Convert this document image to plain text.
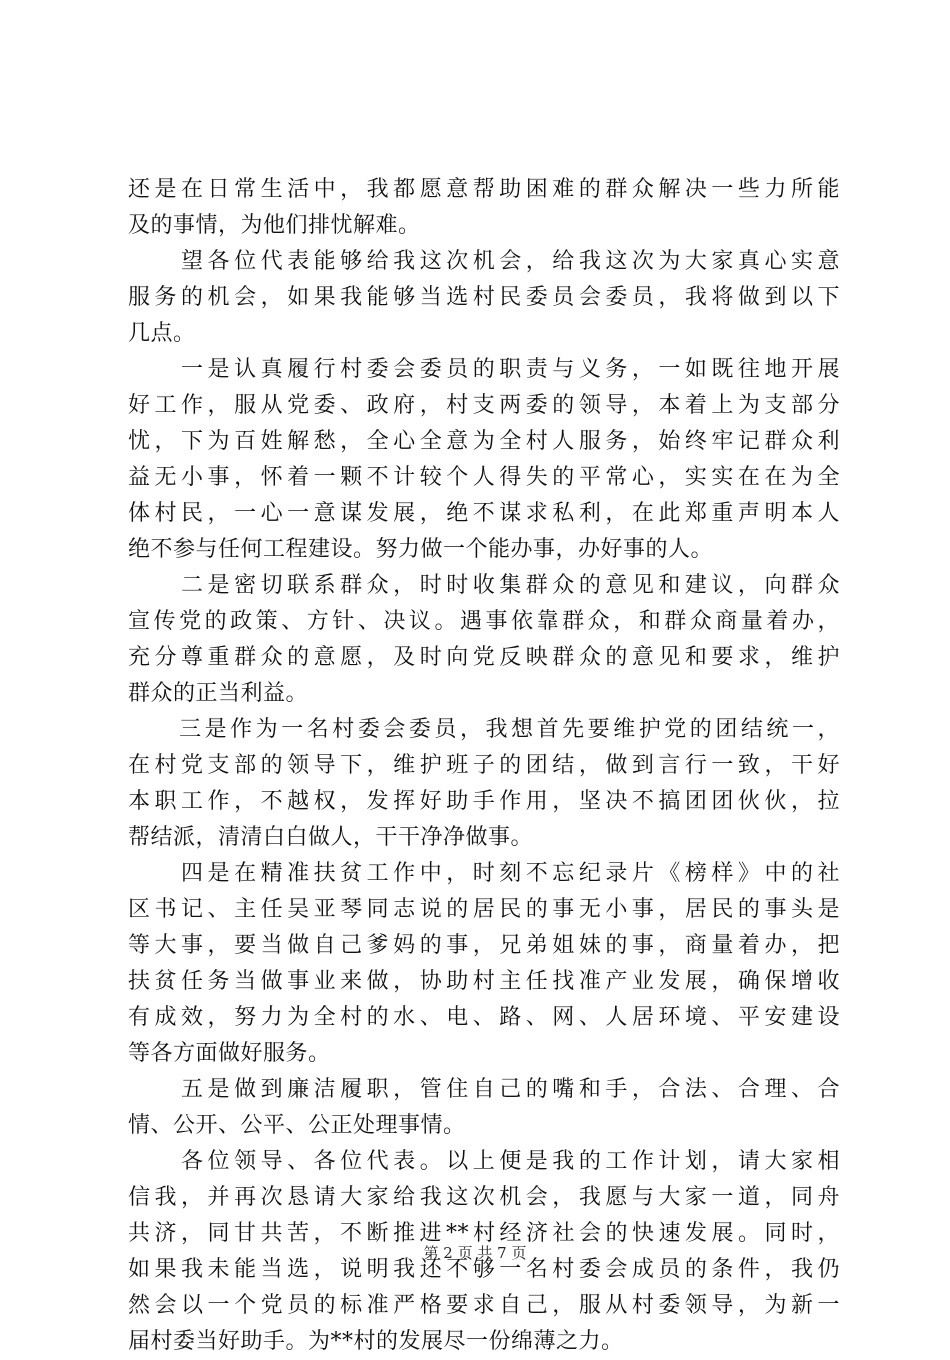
还是在日常生活中，我都愿意帮助困难的群众解决一些力所能
及的事情，为他们排忧解难。
　　望各位代表能够给我这次机会，给我这次为大家真心实意
服务的机会，如果我能够当选村民委员会委员，我将做到以下
几点。
　　一是认真履行村委会委员的职责与义务，一如既往地开展
好工作，服从党委、政府，村支两委的领导，本着上为支部分
忧，下为百姓解愁，全心全意为全村人服务，始终牢记群众利
益无小事，怀着一颗不计较个人得失的平常心，实实在在为全
体村民，一心一意谋发展，绝不谋求私利，在此郑重声明本人
绝不参与任何工程建设。努力做一个能办事，办好事的人。
　　二是密切联系群众，时时收集群众的意见和建议，向群众
宣传党的政策、方针、决议。遇事依靠群众，和群众商量着办，
充分尊重群众的意愿，及时向党反映群众的意见和要求，维护
群众的正当利益。
　　三是作为一名村委会委员，我想首先要维护党的团结统一，
在村党支部的领导下，维护班子的团结，做到言行一致，干好
本职工作，不越权，发挥好助手作用，坚决不搞团团伙伙，拉
帮结派，清清白白做人，干干净净做事。
　　四是在精准扶贫工作中，时刻不忘纪录片《榜样》中的社
区书记、主任吴亚琴同志说的居民的事无小事，居民的事头是
等大事，要当做自己爹妈的事，兄弟姐妹的事，商量着办，把
扶贫任务当做事业来做，协助村主任找准产业发展，确保增收
有成效，努力为全村的水、电、路、网、人居环境、平安建设
等各方面做好服务。
　　五是做到廉洁履职，管住自己的嘴和手，合法、合理、合
情、公开、公平、公正处理事情。
　　各位领导、各位代表。以上便是我的工作计划，请大家相
信我，并再次恳请大家给我这次机会，我愿与大家一道，同舟
共济，同甘共苦，不断推进**村经济社会的快速发展。同时，
如果我未能当选，说明我还不够一名村委会成员的条件，我仍
然会以一个党员的标准严格要求自己，服从村委领导，为新一
届村委当好助手。为**村的发展尽一份绵薄之力。
第 2 页 共 7 页
